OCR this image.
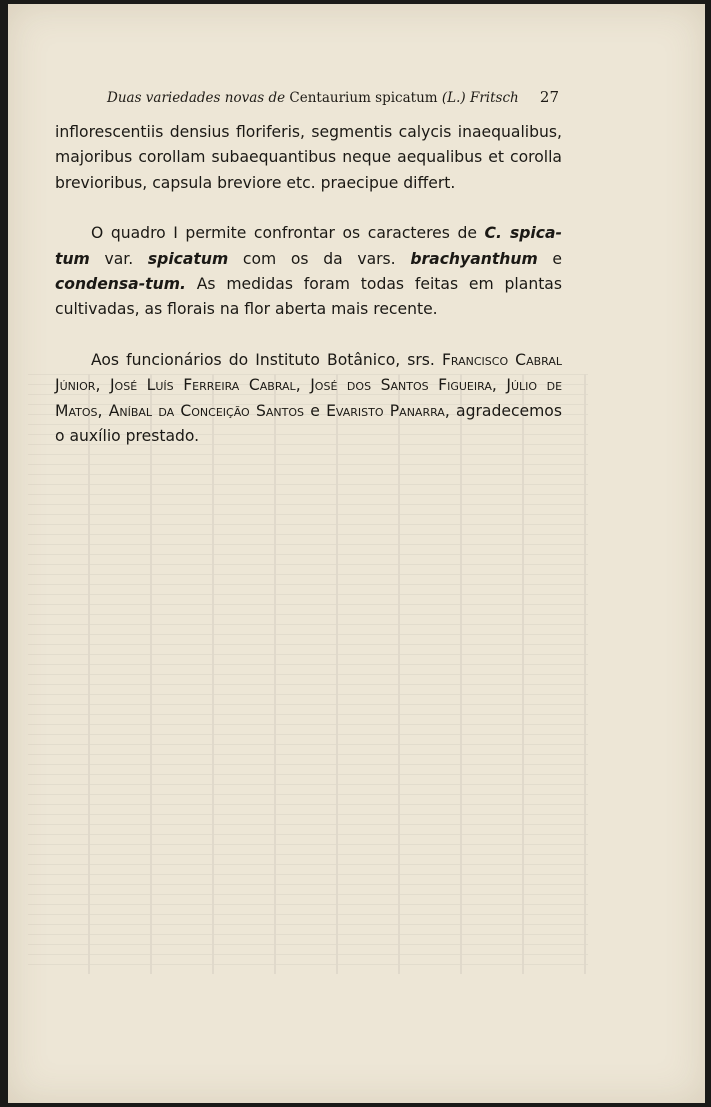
Duas variedades novas de Centaurium spicatum (L.) Fritsch 27

inflorescentiis densius floriferis, segmentis calycis inaequalibus, majoribus corollam subaequantibus neque aequalibus et corolla brevioribus, capsula breviore etc. praecipue differt.

O quadro I permite confrontar os caracteres de C. spica-tum var. spicatum com os da vars. brachyanthum e condensa-tum. As medidas foram todas feitas em plantas cultivadas, as florais na flor aberta mais recente.

Aos funcionários do Instituto Botânico, srs. Francisco Cabral Júnior, José Luís Ferreira Cabral, José dos Santos Figueira, Júlio de Matos, Aníbal da Conceição Santos e Evaristo Panarra, agradecemos o auxílio prestado.
